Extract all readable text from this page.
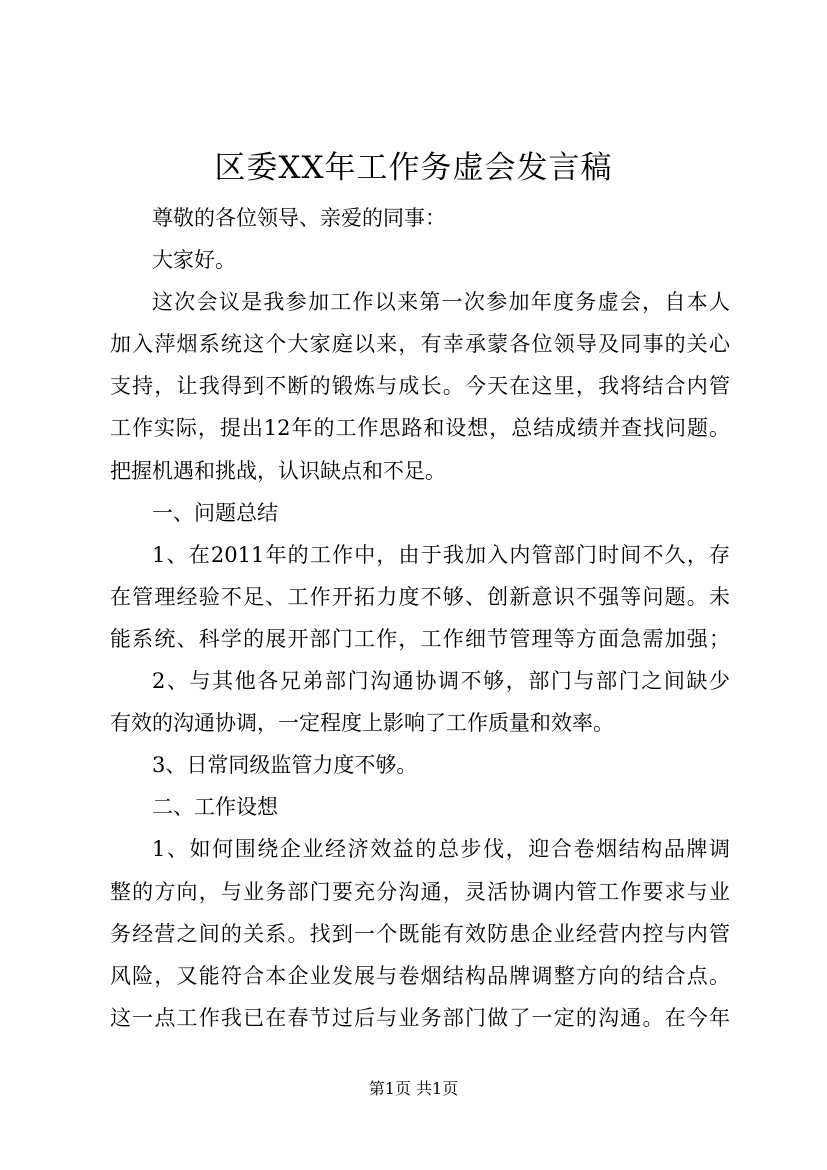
区委XX年工作务虚会发言稿
尊敬的各位领导、亲爱的同事：
大家好。
这次会议是我参加工作以来第一次参加年度务虚会，自本人
加入萍烟系统这个大家庭以来，有幸承蒙各位领导及同事的关心
支持，让我得到不断的锻炼与成长。今天在这里，我将结合内管
工作实际，提出12年的工作思路和设想，总结成绩并查找问题。
把握机遇和挑战，认识缺点和不足。
一、问题总结
1、在2011年的工作中，由于我加入内管部门时间不久，存
在管理经验不足、工作开拓力度不够、创新意识不强等问题。未
能系统、科学的展开部门工作，工作细节管理等方面急需加强；
2、与其他各兄弟部门沟通协调不够，部门与部门之间缺少
有效的沟通协调，一定程度上影响了工作质量和效率。
3、日常同级监管力度不够。
二、工作设想
1、如何围绕企业经济效益的总步伐，迎合卷烟结构品牌调
整的方向，与业务部门要充分沟通，灵活协调内管工作要求与业
务经营之间的关系。找到一个既能有效防患企业经营内控与内管
风险，又能符合本企业发展与卷烟结构品牌调整方向的结合点。
这一点工作我已在春节过后与业务部门做了一定的沟通。在今年
第1页 共1页
